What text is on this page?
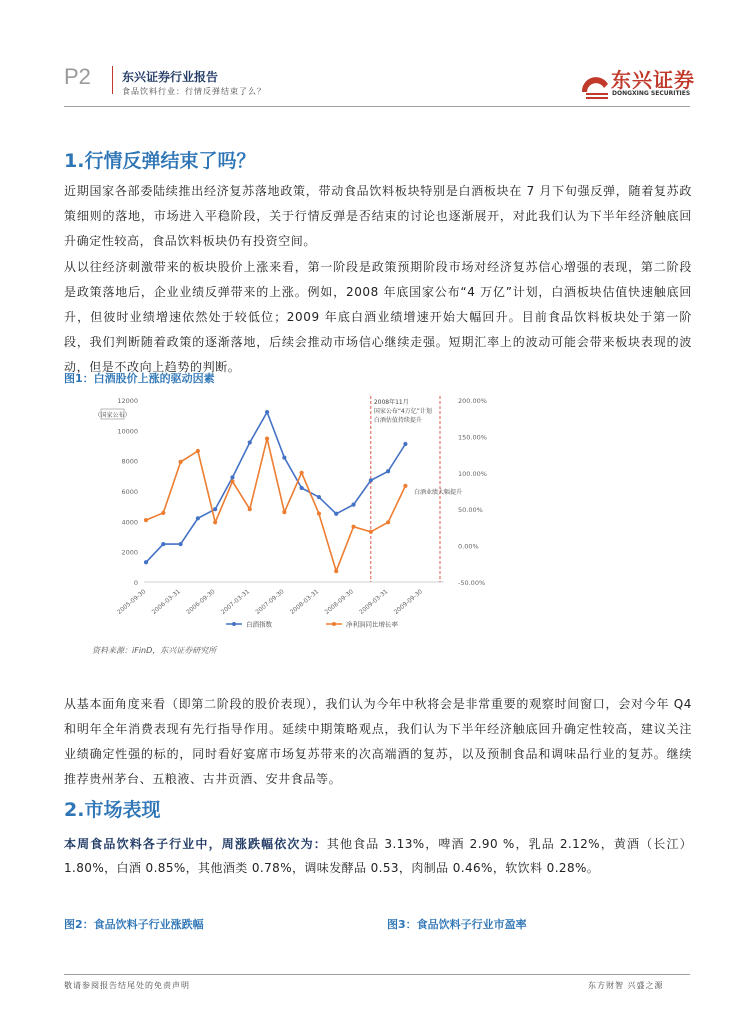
P2	东兴证券行业报告
食品饮料行业：行情反弹结束了么？	东兴证券
DONGXING SECURITIES
1.行情反弹结束了吗？
近期国家各部委陆续推出经济复苏落地政策，带动食品饮料板块特别是白酒板块在 7 月下旬强反弹，随着复苏政策细则的落地，市场进入平稳阶段，关于行情反弹是否结束的讨论也逐渐展开，对此我们认为下半年经济触底回升确定性较高，食品饮料板块仍有投资空间。
从以往经济刺激带来的板块股价上涨来看，第一阶段是政策预期阶段市场对经济复苏信心增强的表现，第二阶段是政策落地后，企业业绩反弹带来的上涨。例如，2008 年底国家公布“4 万亿”计划，白酒板块估值快速触底回升，但彼时业绩增速依然处于较低位；2009 年底白酒业绩增速开始大幅回升。目前食品饮料板块处于第一阶段，我们判断随着政策的逐渐落地，后续会推动市场信心继续走强。短期汇率上的波动可能会带来板块表现的波动，但是不改向上趋势的判断。
图1：白酒股价上涨的驱动因素
0
2000
4000
6000
8000
10000
12000
-50.00%
0.00%
50.00%
100.00%
150.00%
200.00%
（国家公布）
2008年11月
国家公布“4万亿”计划
白酒估值持续提升
白酒业绩大幅提升
2005-09-30 2006-03-31 2006-09-30 2007-03-31 2007-09-30 2008-03-31 2008-09-30 2009-03-31 2009-09-30
白酒指数	净利润同比增长率
资料来源：iFinD，东兴证券研究所
从基本面角度来看（即第二阶段的股价表现），我们认为今年中秋将会是非常重要的观察时间窗口，会对今年 Q4 和明年全年消费表现有先行指导作用。延续中期策略观点，我们认为下半年经济触底回升确定性较高，建议关注业绩确定性强的标的，同时看好宴席市场复苏带来的次高端酒的复苏，以及预制食品和调味品行业的复苏。继续推荐贵州茅台、五粮液、古井贡酒、安井食品等。
2.市场表现
本周食品饮料各子行业中，周涨跌幅依次为：其他食品 3.13%，啤酒 2.90 %，乳品 2.12%，黄酒（长江）1.80%，白酒 0.85%，其他酒类 0.78%，调味发酵品 0.53，肉制品 0.46%，软饮料 0.28%。
图2：食品饮料子行业涨跌幅	图3：食品饮料子行业市盈率
敬请参阅报告结尾处的免责声明	东方财智 兴盛之源
